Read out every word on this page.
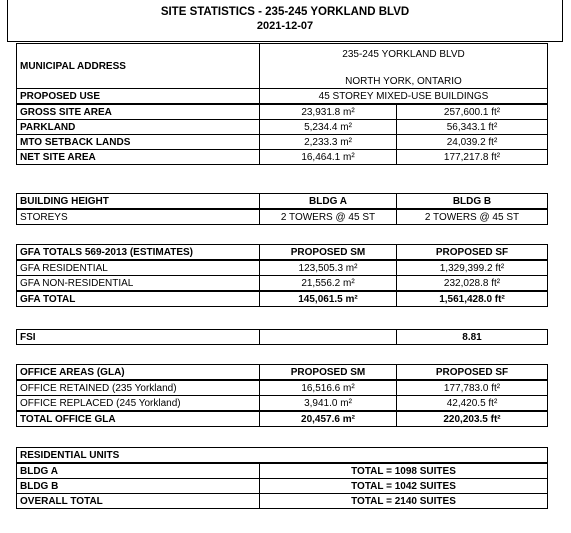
SITE STATISTICS - 235-245 YORKLAND BLVD
2021-12-07
MUNICIPAL ADDRESS	235-245 YORKLAND BLVD	
	NORTH YORK, ONTARIO	
PROPOSED USE	45 STOREY MIXED-USE BUILDINGS	
GROSS SITE AREA	23,931.8 m²	257,600.1 ft²
PARKLAND	5,234.4 m²	56,343.1 ft²
MTO SETBACK LANDS	2,233.3 m²	24,039.2 ft²
NET SITE AREA	16,464.1 m²	177,217.8 ft²
BUILDING HEIGHT	BLDG A	BLDG B
STOREYS	2 TOWERS @ 45 ST	2 TOWERS @ 45 ST
GFA TOTALS 569-2013 (ESTIMATES)	PROPOSED SM	PROPOSED SF
GFA RESIDENTIAL	123,505.3 m²	1,329,399.2 ft²
GFA NON-RESIDENTIAL	21,556.2 m²	232,028.8 ft²
GFA TOTAL	145,061.5 m²	1,561,428.0 ft²
FSI		8.81
OFFICE AREAS (GLA)	PROPOSED SM	PROPOSED SF
OFFICE RETAINED (235 Yorkland)	16,516.6 m²	177,783.0 ft²
OFFICE REPLACED (245 Yorkland)	3,941.0 m²	42,420.5 ft²
TOTAL OFFICE GLA	20,457.6 m²	220,203.5 ft²
RESIDENTIAL UNITS	
BLDG A	TOTAL = 1098 SUITES
BLDG B	TOTAL = 1042 SUITES
OVERALL TOTAL	TOTAL = 2140 SUITES
